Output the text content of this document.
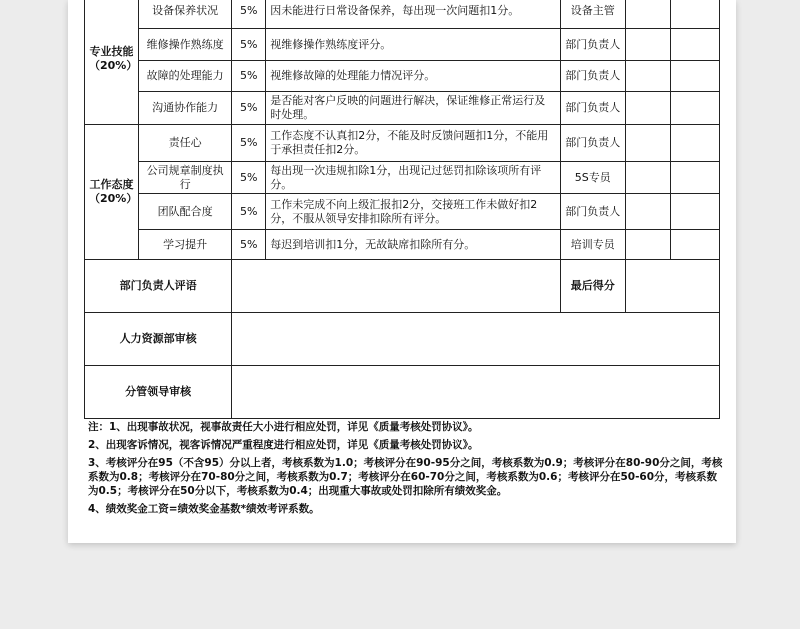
专业技能
（20%）	设备保养状况	5%	因未能进行日常设备保养，每出现一次问题扣1分。	设备主管		
	维修操作熟练度	5%	视维修操作熟练度评分。	部门负责人		
	故障的处理能力	5%	视维修故障的处理能力情况评分。	部门负责人		
	沟通协作能力	5%	是否能对客户反映的问题进行解决，保证维修正常运行及时处理。	部门负责人		

工作态度
（20%）	责任心	5%	工作态度不认真扣2分，不能及时反馈问题扣1分，不能用于承担责任扣2分。	部门负责人		
	公司规章制度执行	5%	每出现一次违规扣除1分，出现记过惩罚扣除该项所有评分。	5S专员		
	团队配合度	5%	工作未完成不向上级汇报扣2分，交接班工作未做好扣2分，不服从领导安排扣除所有评分。	部门负责人		
	学习提升	5%	每迟到培训扣1分，无故缺席扣除所有分。	培训专员		
部门负责人评语				最后得分		
人力资源部审核						
分管领导审核						

注：1、出现事故状况，视事故责任大小进行相应处罚，详见《质量考核处罚协议》。

2、出现客诉情况，视客诉情况严重程度进行相应处罚，详见《质量考核处罚协议》。

3、考核评分在95（不含95）分以上者，考核系数为1.0；考核评分在90-95分之间，考核系数为0.9；考核评分在80-90分之间，考核系数为0.8；考核评分在70-80分之间，考核系数为0.7；考核评分在60-70分之间，考核系数为0.6；考核评分在50-60分，考核系数为0.5；考核评分在50分以下，考核系数为0.4；出现重大事故或处罚扣除所有绩效奖金。

4、绩效奖金工资=绩效奖金基数*绩效考评系数。
